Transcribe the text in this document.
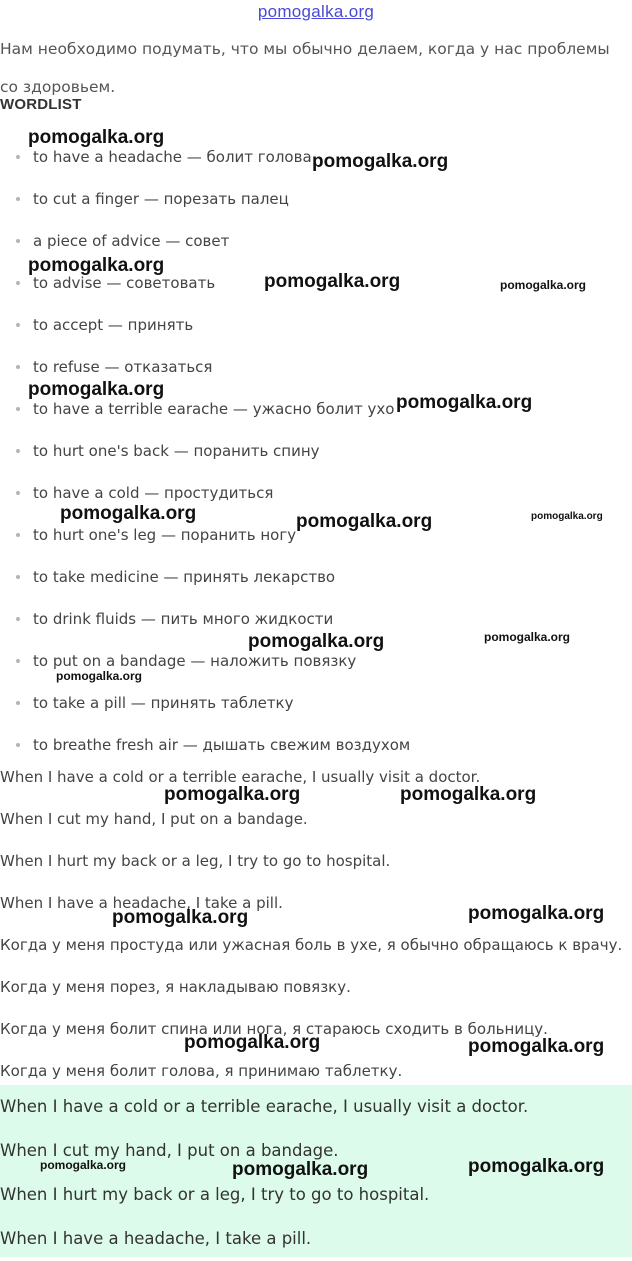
pomogalka.org
Нам необходимо подумать, что мы обычно делаем, когда у нас проблемы со здоровьем.
WORDLIST
to have a headache — болит голова
to cut a finger — порезать палец
a piece of advice — совет
to advise — советовать
to accept — принять
to refuse — отказаться
to have a terrible earache — ужасно болит ухо
to hurt one's back — поранить спину
to have a cold — простудиться
to hurt one's leg — поранить ногу
to take medicine — принять лекарство
to drink fluids — пить много жидкости
to put on a bandage — наложить повязку
to take a pill — принять таблетку
to breathe fresh air — дышать свежим воздухом

When I have a cold or a terrible earache, I usually visit a doctor.

When I cut my hand, I put on a bandage.

When I hurt my back or a leg, I try to go to hospital.

When I have a headache, I take a pill.

Когда у меня простуда или ужасная боль в ухе, я обычно обращаюсь к врачу.

Когда у меня порез, я накладываю повязку.

Когда у меня болит спина или нога, я стараюсь сходить в больницу.

Когда у меня болит голова, я принимаю таблетку.

When I have a cold or a terrible earache, I usually visit a doctor.

When I cut my hand, I put on a bandage.

When I hurt my back or a leg, I try to go to hospital.

When I have a headache, I take a pill.

pomogalka.org
pomogalka.org
pomogalka.org
pomogalka.org	pomogalka.org
pomogalka.org
pomogalka.org
pomogalka.org	pomogalka.org	pomogalka.org
pomogalka.org	pomogalka.org
pomogalka.org
pomogalka.org	pomogalka.org
pomogalka.org	pomogalka.org
pomogalka.org	pomogalka.org
pomogalka.org	pomogalka.org	pomogalka.org
